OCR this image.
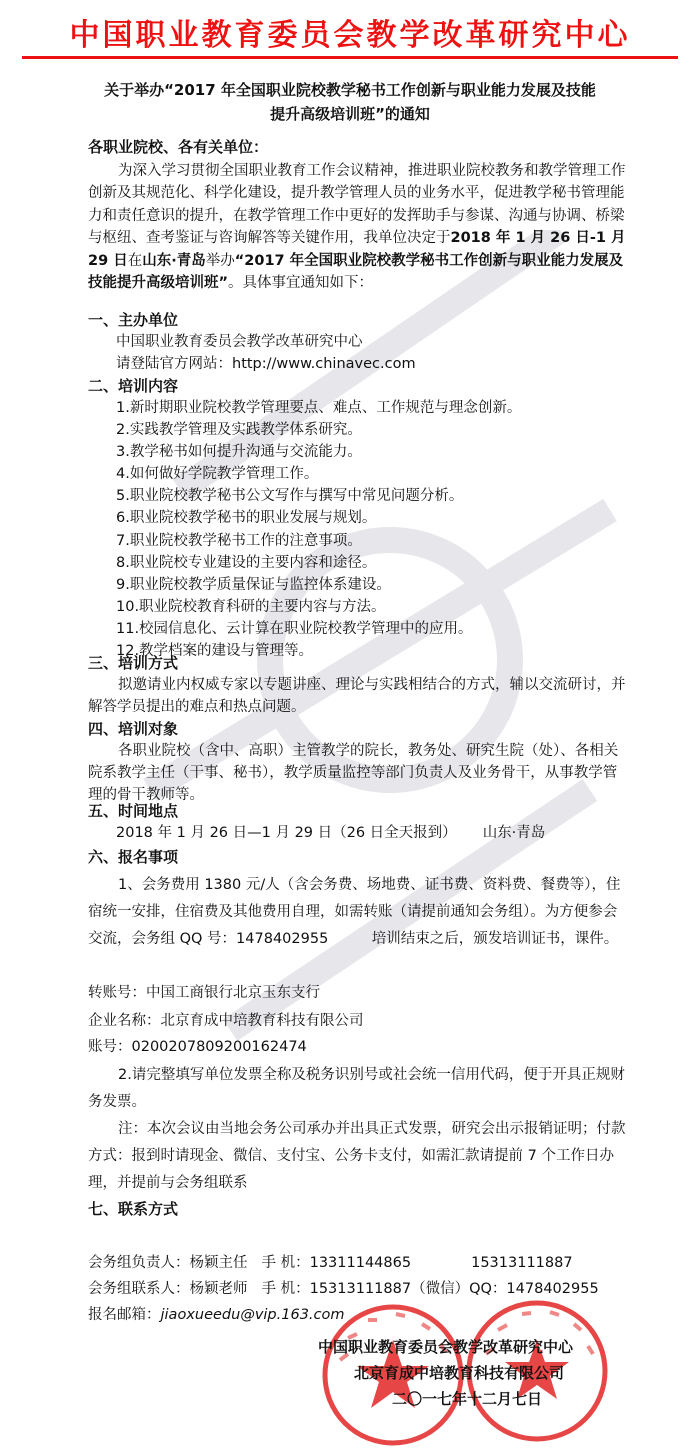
中国职业教育委员会教学改革研究中心
关于举办“2017 年全国职业院校教学秘书工作创新与职业能力发展及技能
提升高级培训班”的通知
各职业院校、各有关单位：
为深入学习贯彻全国职业教育工作会议精神，推进职业院校教务和教学管理工作创新及其规范化、科学化建设，提升教学管理人员的业务水平，促进教学秘书管理能力和责任意识的提升，在教学管理工作中更好的发挥助手与参谋、沟通与协调、桥梁与枢纽、查考鉴证与咨询解答等关键作用，我单位决定于2018 年 1 月 26 日-1 月 29 日在山东·青岛举办“2017 年全国职业院校教学秘书工作创新与职业能力发展及技能提升高级培训班”。具体事宜通知如下：
一、主办单位
中国职业教育委员会教学改革研究中心
请登陆官方网站：http://www.chinavec.com
二、培训内容
1.新时期职业院校教学管理要点、难点、工作规范与理念创新。
2.实践教学管理及实践教学体系研究。
3.教学秘书如何提升沟通与交流能力。
4.如何做好学院教学管理工作。
5.职业院校教学秘书公文写作与撰写中常见问题分析。
6.职业院校教学秘书的职业发展与规划。
7.职业院校教学秘书工作的注意事项。
8.职业院校专业建设的主要内容和途径。
9.职业院校教学质量保证与监控体系建设。
10.职业院校教育科研的主要内容与方法。
11.校园信息化、云计算在职业院校教学管理中的应用。
12.教学档案的建设与管理等。
三、培训方式
拟邀请业内权威专家以专题讲座、理论与实践相结合的方式，辅以交流研讨，并解答学员提出的难点和热点问题。
四、培训对象
各职业院校（含中、高职）主管教学的院长，教务处、研究生院（处）、各相关院系教学主任（干事、秘书），教学质量监控等部门负责人及业务骨干，从事教学管理的骨干教师等。
五、时间地点
2018 年 1 月 26 日—1 月 29 日（26 日全天报到） 山东·青岛
六、报名事项
1、会务费用 1380 元/人（含会务费、场地费、证书费、资料费、餐费等），住宿统一安排，住宿费及其他费用自理，如需转账（请提前通知会务组）。为方便参会交流，会务组 QQ 号：1478402955　　　培训结束之后，颁发培训证书，课件。
转账号：中国工商银行北京玉东支行
企业名称：北京育成中培教育科技有限公司
账号：0200207809200162474
2.请完整填写单位发票全称及税务识别号或社会统一信用代码，便于开具正规财务发票。
注：本次会议由当地会务公司承办并出具正式发票，研究会出示报销证明；付款方式：报到时请现金、微信、支付宝、公务卡支付，如需汇款请提前 7 个工作日办理，并提前与会务组联系
七、联系方式
会务组负责人：杨颖主任 手 机：13311144865	15313111887
会务组联系人：杨颖老师 手 机：15313111887（微信）QQ：1478402955
报名邮箱：jiaoxueedu@vip.163.com
中国职业教育委员会教学改革研究中心
北京育成中培教育科技有限公司
二〇一七年十二月七日
